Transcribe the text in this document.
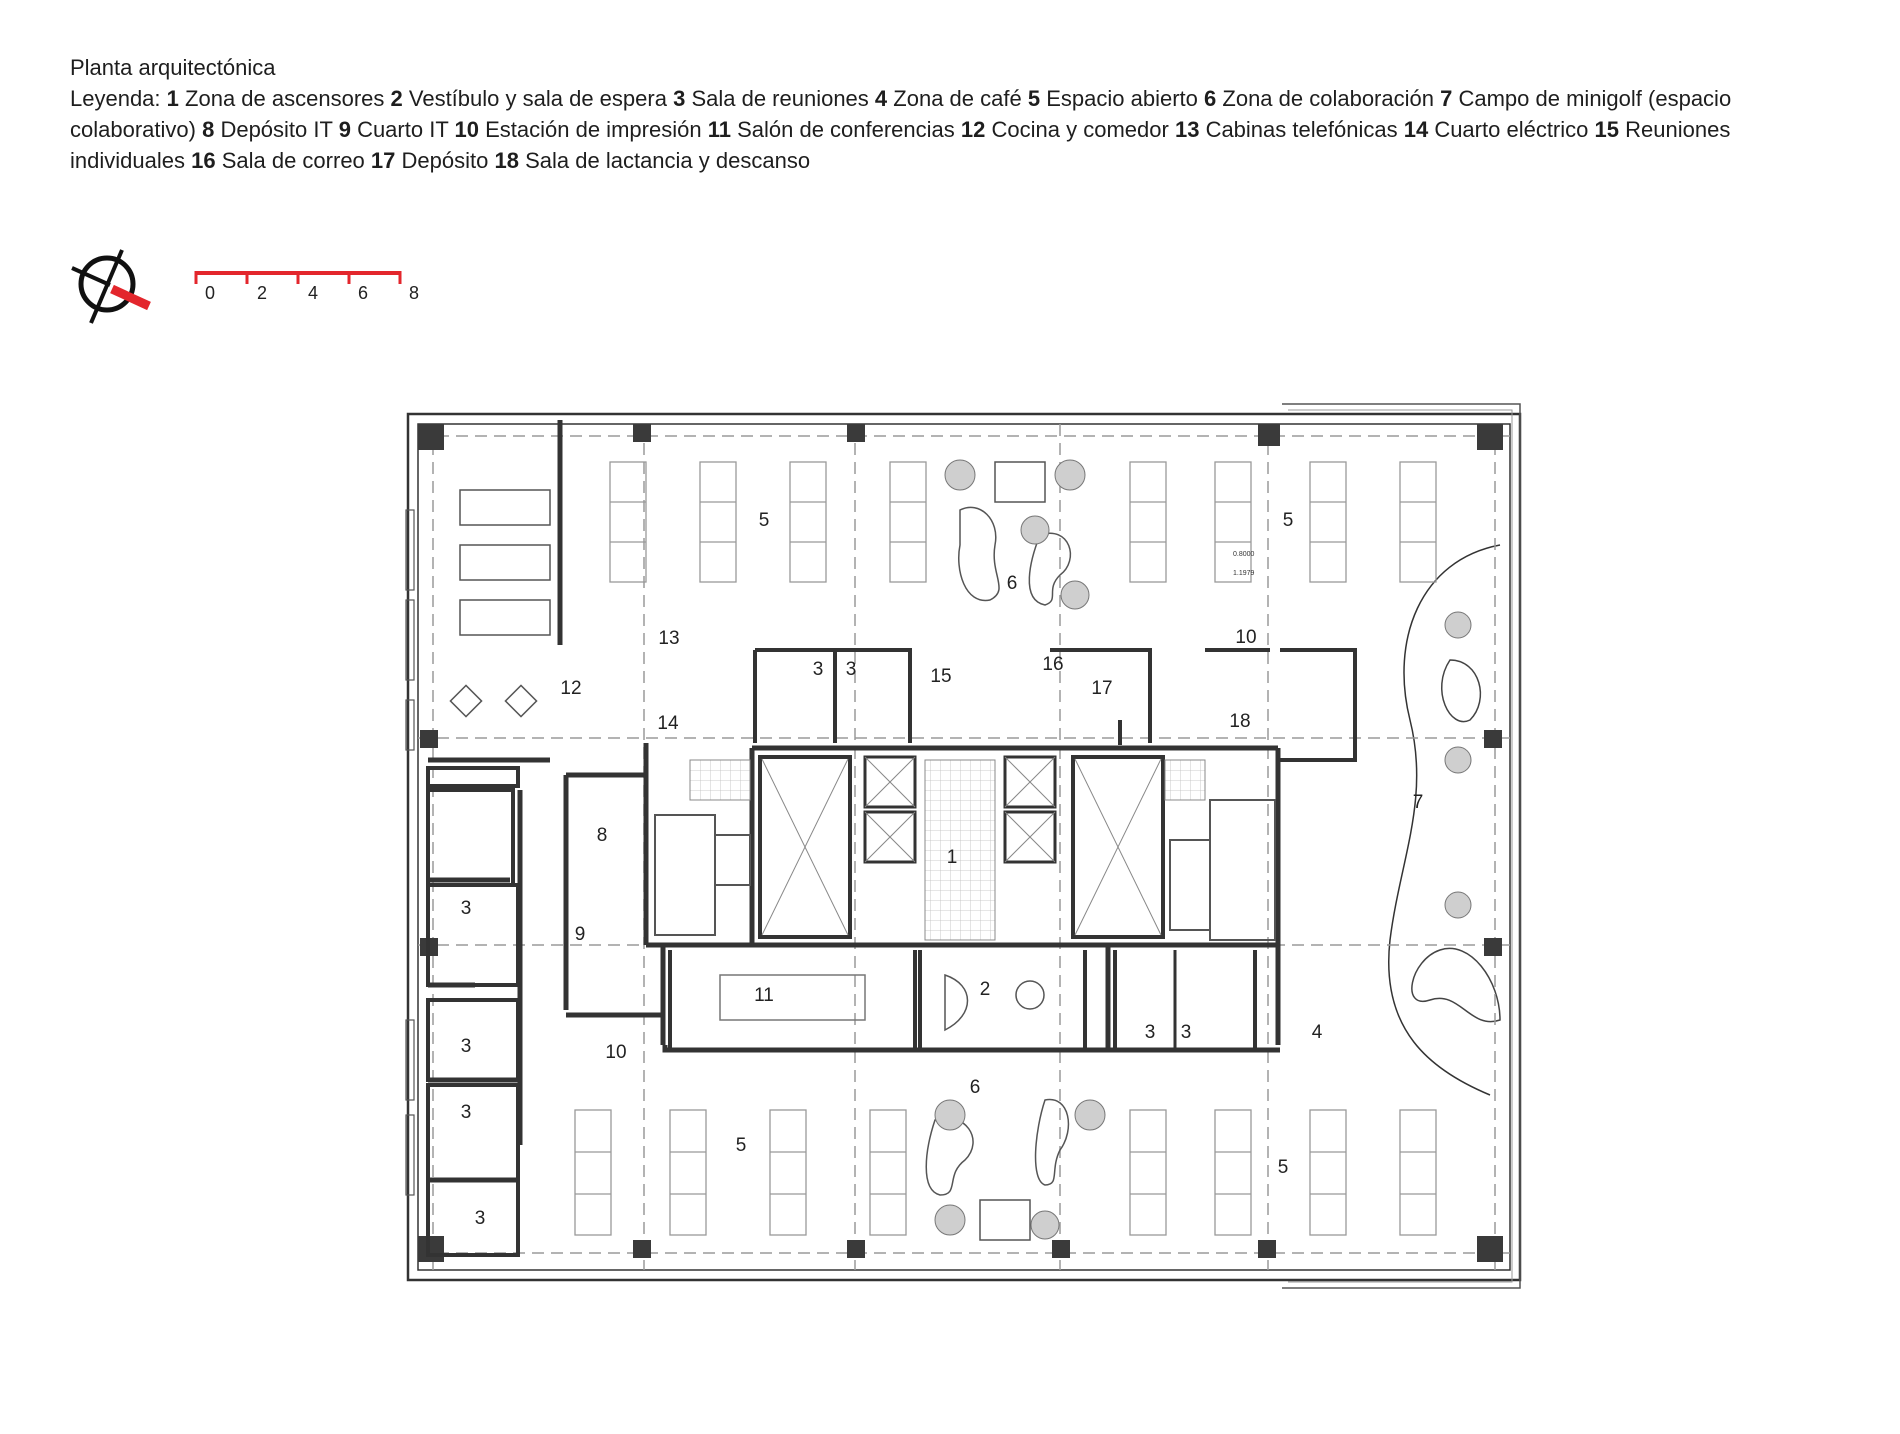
Planta arquitectónica
Leyenda: 1 Zona de ascensores 2 Vestíbulo y sala de espera 3 Sala de reuniones 4 Zona de café 5 Espacio abierto 6 Zona de colaboración 7 Campo de minigolf (espacio colaborativo) 8 Depósito IT 9 Cuarto IT 10 Estación de impresión 11 Salón de conferencias 12 Cocina y comedor 13 Cabinas telefónicas 14 Cuarto eléctrico 15 Reuniones individuales 16 Sala de correo 17 Depósito 18 Sala de lactancia y descanso
0 2 4 6 8
0.8000
1.1979
5	5
5
5
6
6
7
8
9
10
10
11
12
13
14
15
16
17
18
1
2
4
3 3
3
3
3
3
3 3
